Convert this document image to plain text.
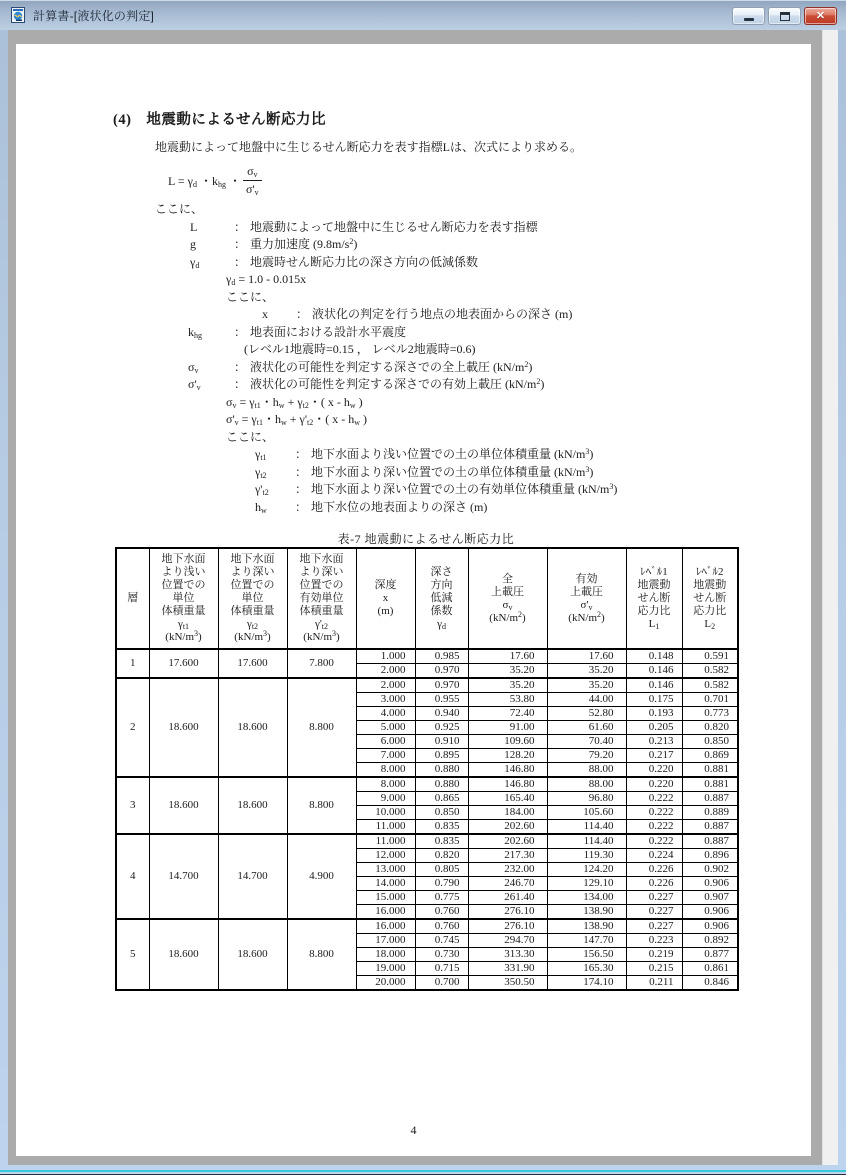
計算書-[液状化の判定]	✕
(4)　地震動によるせん断応力比
地震動によって地盤中に生じるせん断応力を表す指標Lは、次式により求める。
$L = \gamma_d$ ・$k_{hg}$ ・ $\frac{\sigma_v}{\sigma'_v}$
ここに、
L	： 地震動によって地盤中に生じるせん断応力を表す指標
g	： 重力加速度 $(9.8m/s^2)$
$\gamma_d$	： 地震時せん断応力比の深さ方向の低減係数
$\gamma_d = 1.0 - 0.015x$
ここに、
x ： 液状化の判定を行う地点の地表面からの深さ (m)
$k_{hg}$	： 地表面における設計水平震度
(レベル1地震時=0.15 ， レベル2地震時=0.6)
$\sigma_v$	： 液状化の可能性を判定する深さでの全上載圧 $(kN/m^2)$
$\sigma'_v$	： 液状化の可能性を判定する深さでの有効上載圧 $(kN/m^2)$
$\sigma_v = \gamma_{t1}$・$h_w + \gamma_{t2}$・( x - $h_w$ )
$\sigma'_v = \gamma_{t1}$・$h_w + \gamma'_{t2}$・( x - $h_w$ )
ここに、
$\gamma_{t1}$ ： 地下水面より浅い位置での土の単位体積重量 $(kN/m^3)$
$\gamma_{t2}$ ： 地下水面より深い位置での土の単位体積重量 $(kN/m^3)$
$\gamma'_{t2}$ ： 地下水面より深い位置での土の有効単位体積重量 $(kN/m^3)$
$h_w$ ： 地下水位の地表面よりの深さ (m)
表-7 地震動によるせん断応力比
層

地下水面
より浅い
位置での
単位
体積重量
$\gamma_{t1}$
$(kN/m^3)$

地下水面
より深い
位置での
単位
体積重量
$\gamma_{t2}$
$(kN/m^3)$

地下水面
より深い
位置での
有効単位
体積重量
$\gamma'_{t2}$
$(kN/m^3)$

深度
x
(m)

深さ
方向
低減
係数
$\gamma_d$

全
上載圧
$\sigma_v$
$(kN/m^2)$

有効
上載圧
$\sigma'_v$
$(kN/m^2)$

ﾚﾍﾞﾙ1
地震動
せん断
応力比
$L_1$

ﾚﾍﾞﾙ2
地震動
せん断
応力比
$L_2$

1	17.600	17.600	7.800	1.000	0.985	17.60	17.60	0.148	0.591
				2.000	0.970	35.20	35.20	0.146	0.582
2	18.600	18.600	8.800	2.000	0.970	35.20	35.20	0.146	0.582
				3.000	0.955	53.80	44.00	0.175	0.701
				4.000	0.940	72.40	52.80	0.193	0.773
				5.000	0.925	91.00	61.60	0.205	0.820
				6.000	0.910	109.60	70.40	0.213	0.850
				7.000	0.895	128.20	79.20	0.217	0.869
				8.000	0.880	146.80	88.00	0.220	0.881
3	18.600	18.600	8.800	8.000	0.880	146.80	88.00	0.220	0.881
				9.000	0.865	165.40	96.80	0.222	0.887
				10.000	0.850	184.00	105.60	0.222	0.889
				11.000	0.835	202.60	114.40	0.222	0.887
4	14.700	14.700	4.900	11.000	0.835	202.60	114.40	0.222	0.887
				12.000	0.820	217.30	119.30	0.224	0.896
				13.000	0.805	232.00	124.20	0.226	0.902
				14.000	0.790	246.70	129.10	0.226	0.906
				15.000	0.775	261.40	134.00	0.227	0.907
				16.000	0.760	276.10	138.90	0.227	0.906
5	18.600	18.600	8.800	16.000	0.760	276.10	138.90	0.227	0.906
				17.000	0.745	294.70	147.70	0.223	0.892
				18.000	0.730	313.30	156.50	0.219	0.877
				19.000	0.715	331.90	165.30	0.215	0.861
				20.000	0.700	350.50	174.10	0.211	0.846
4
